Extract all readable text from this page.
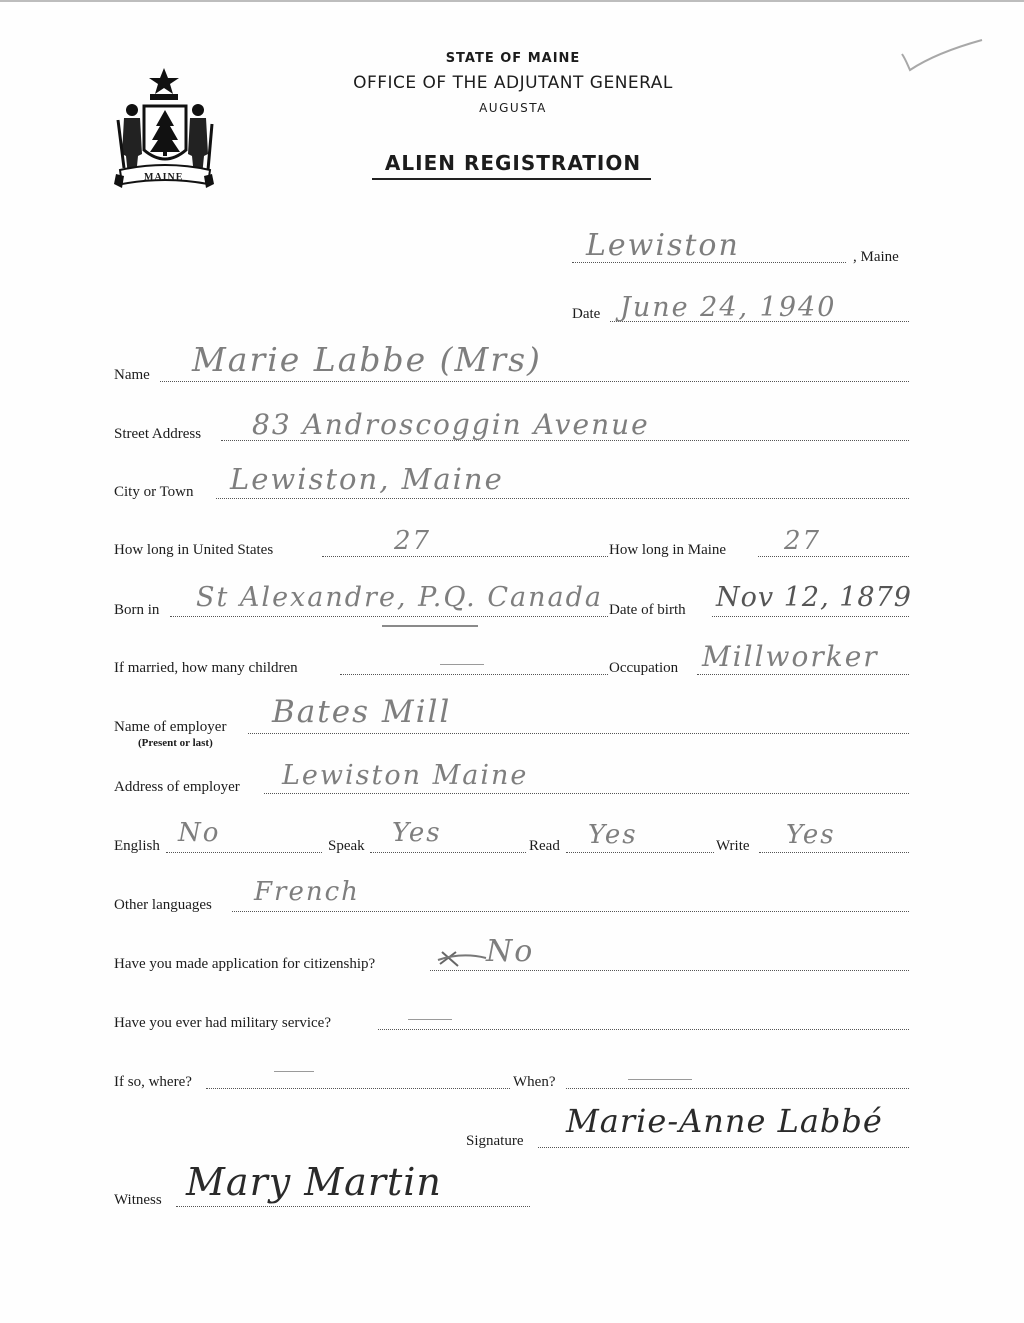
MAINE
STATE OF MAINE
OFFICE OF THE ADJUTANT GENERAL
AUGUSTA
ALIEN REGISTRATION
Lewiston	, Maine
Date June 24, 1940
Name Marie Labbe (Mrs)
Street Address 83 Androscoggin Avenue
City or Town Lewiston, Maine
How long in United States	27	How long in Maine 27
Born in St Alexandre, P.Q. Canada Date of birth Nov 12, 1879
If married, how many children	Occupation Millworker
Name of employer
(Present or last)
Bates Mill
Address of employer Lewiston Maine
English No	Speak Yes	Read Yes	Write Yes
Other languages French
Have you made application for citizenship?	No
Have you ever had military service?
If so, where?	When?
Signature
Marie-Anne Labbé
Witness Mary Martin
